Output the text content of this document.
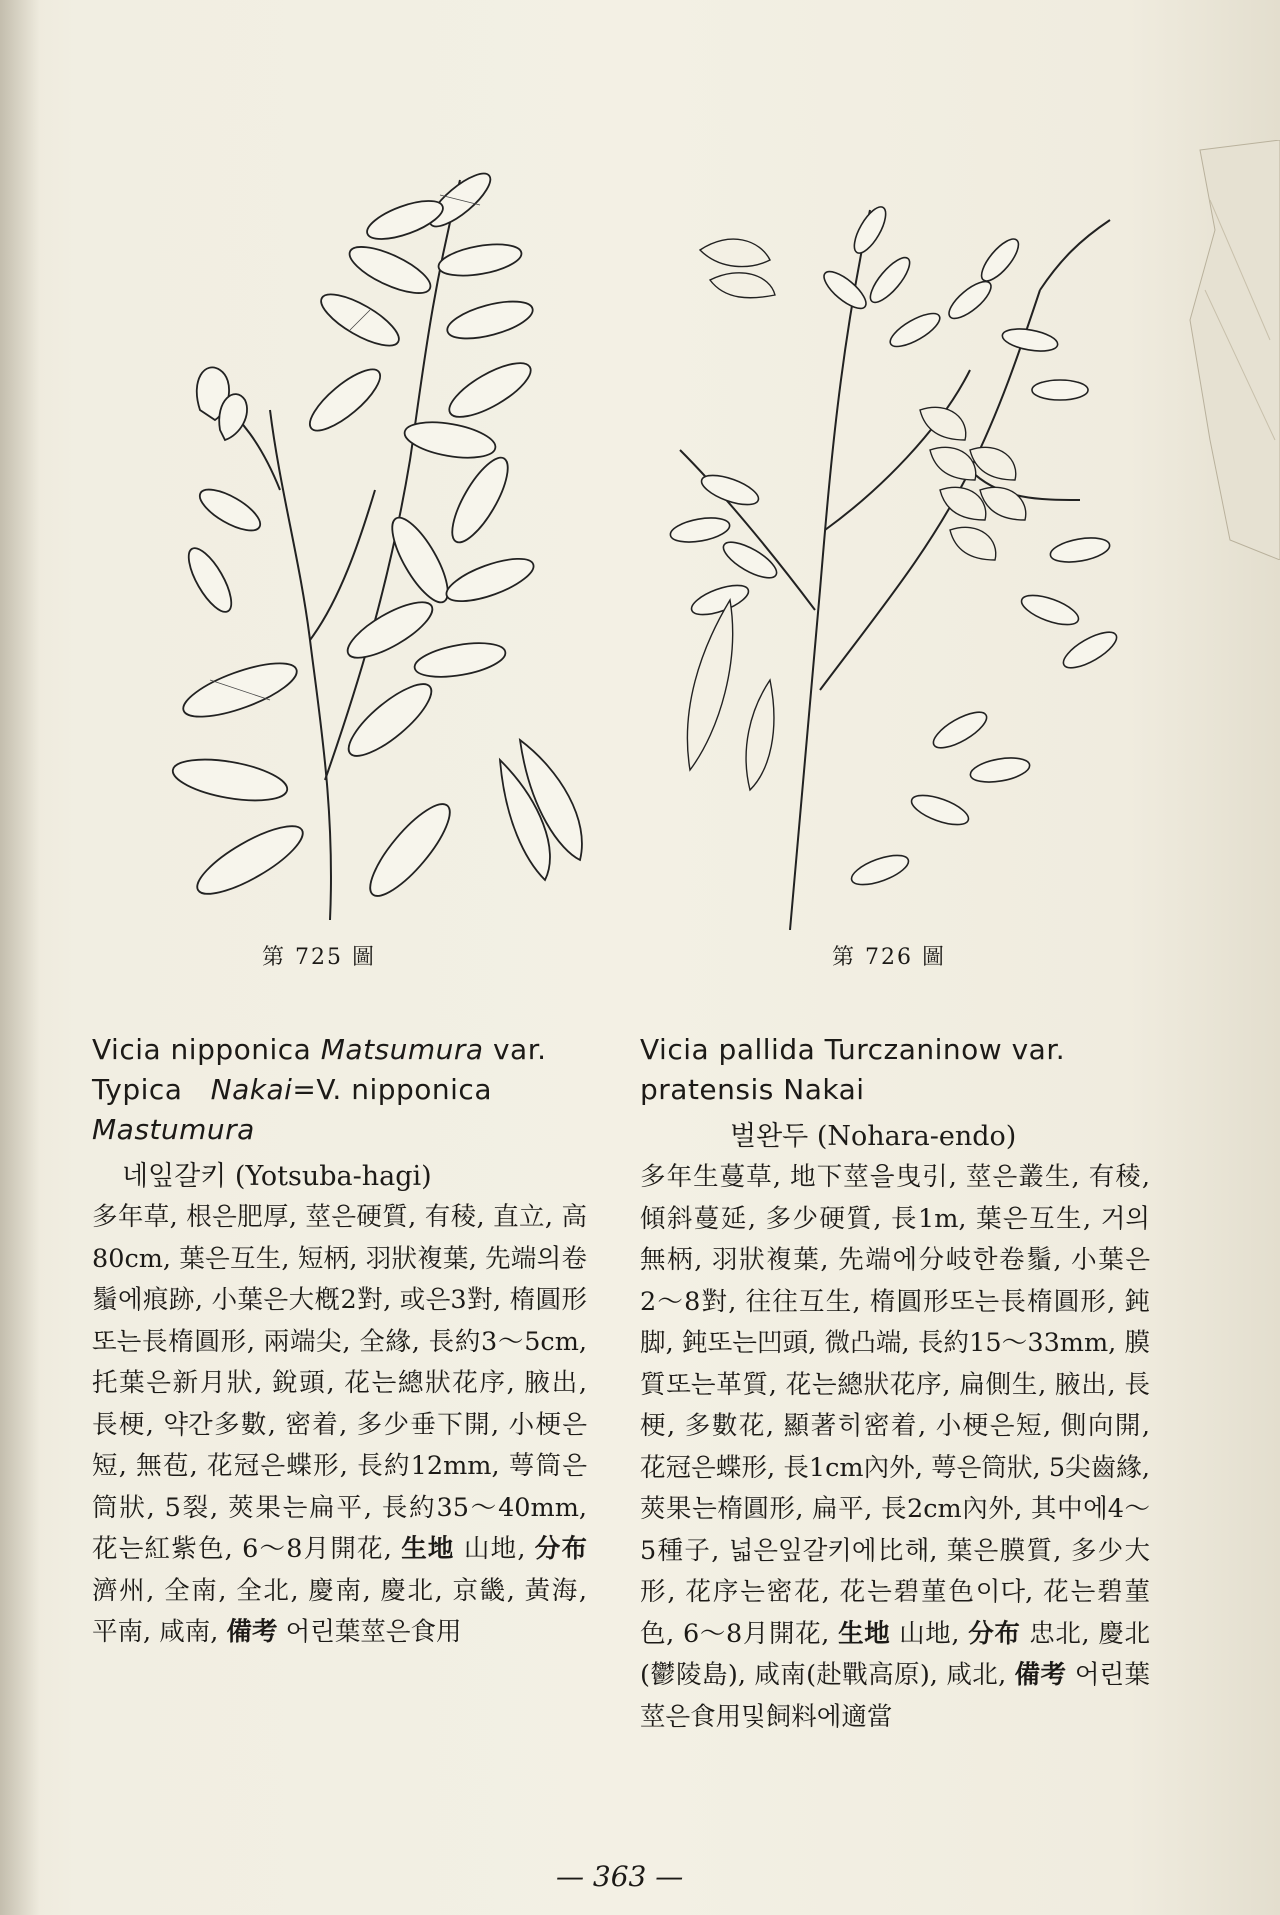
第 725 圖	第 726 圖
Vicia nipponica Matsumura var.
Typica Nakai=V. nipponica
Mastumura
네잎갈키 (Yotsuba-hagi)
多年草, 根은肥厚, 莖은硬質, 有稜, 直立, 高80cm, 葉은互生, 短柄, 羽狀複葉, 先端의卷鬚에痕跡, 小葉은大槪2對, 或은3對, 楕圓形또는長楕圓形, 兩端尖, 全緣, 長約3〜5cm, 托葉은新月狀, 銳頭, 花는總狀花序, 腋出, 長梗, 약간多數, 密着, 多少垂下開, 小梗은短, 無苞, 花冠은蝶形, 長約12mm, 萼筒은筒狀, 5裂, 莢果는扁平, 長約35〜40mm, 花는紅紫色, 6〜8月開花, 生地 山地, 分布 濟州, 全南, 全北, 慶南, 慶北, 京畿, 黃海, 平南, 咸南, 備考 어린葉莖은食用
Vicia pallida Turczaninow var.
pratensis Nakai
벌완두 (Nohara-endo)
多年生蔓草, 地下莖을曳引, 莖은叢生, 有稜, 傾斜蔓延, 多少硬質, 長1m, 葉은互生, 거의無柄, 羽狀複葉, 先端에分岐한卷鬚, 小葉은2〜8對, 往往互生, 楕圓形또는長楕圓形, 鈍脚, 鈍또는凹頭, 微凸端, 長約15〜33mm, 膜質또는革質, 花는總狀花序, 扁側生, 腋出, 長梗, 多數花, 顯著히密着, 小梗은短, 側向開, 花冠은蝶形, 長1cm內外, 萼은筒狀, 5尖齒緣, 莢果는楕圓形, 扁平, 長2cm內外, 其中에4〜5種子, 넓은잎갈키에比해, 葉은膜質, 多少大形, 花序는密花, 花는碧菫色이다, 花는碧菫色, 6〜8月開花, 生地 山地, 分布 忠北, 慶北(鬱陵島), 咸南(赴戰高原), 咸北, 備考 어린葉莖은食用및飼料에適當
— 363 —
